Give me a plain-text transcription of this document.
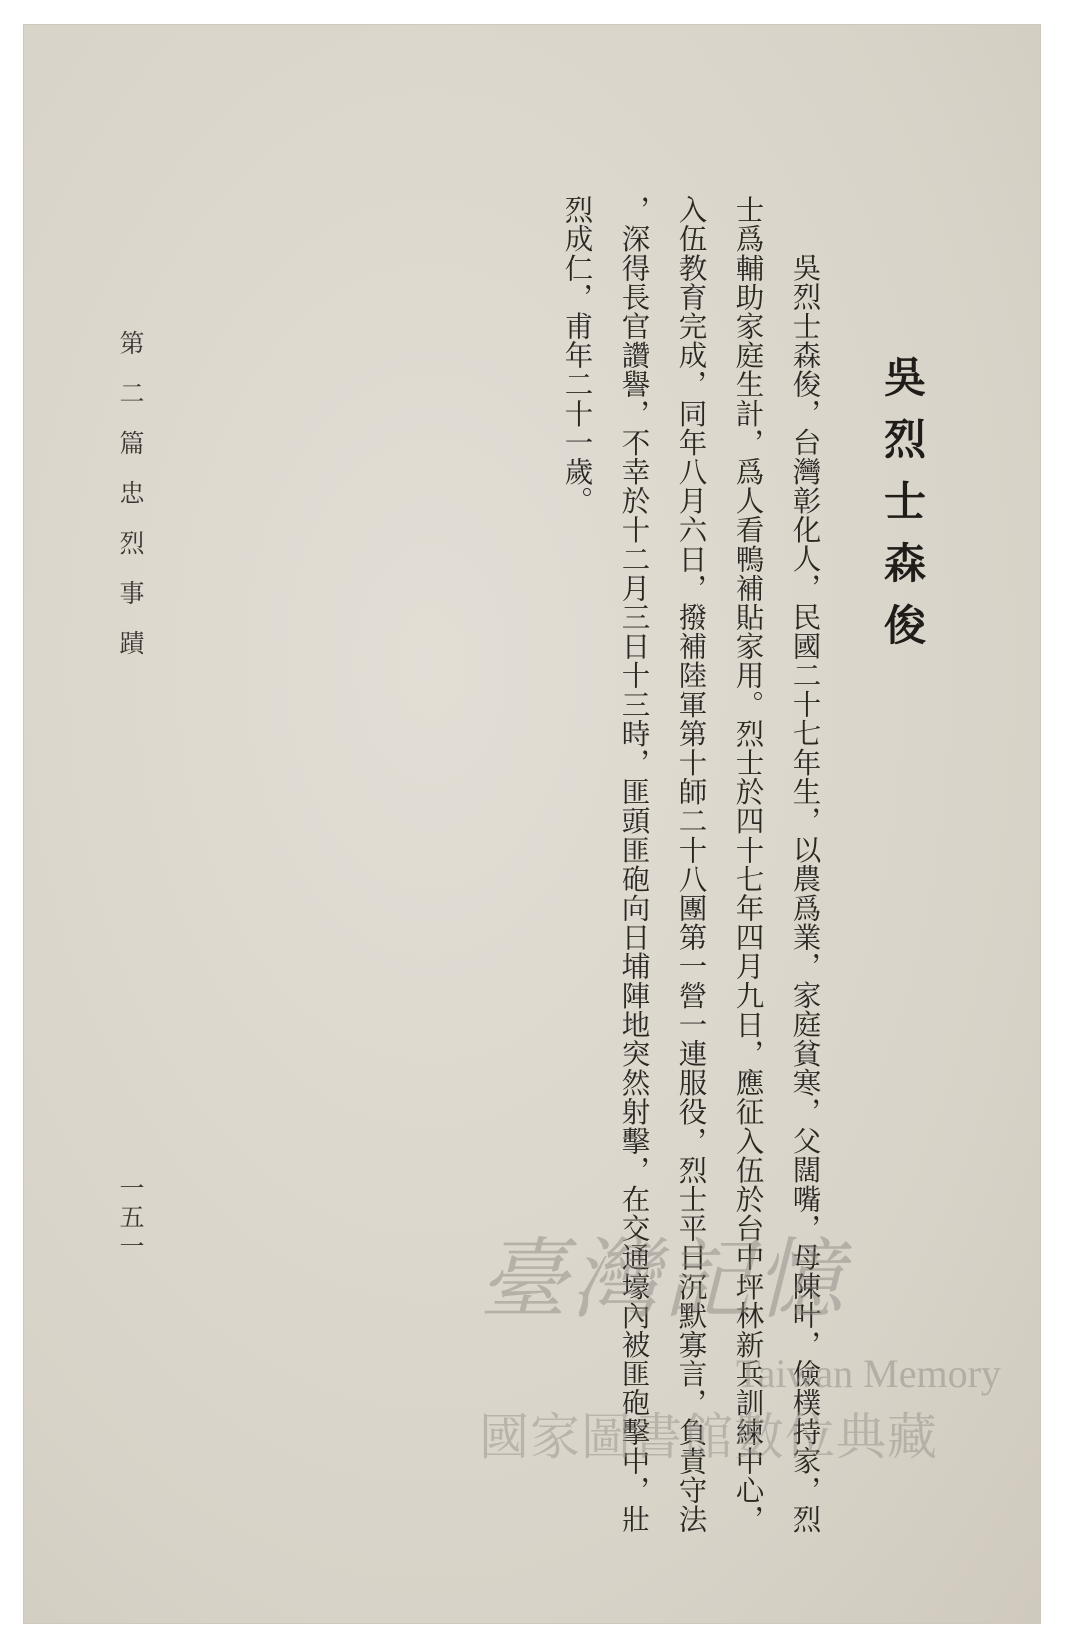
吳烈士森俊
吳烈士森俊，台灣彰化人，民國二十七年生，以農爲業，家庭貧寒，父闊嘴，母陳叶，儉樸持家，烈
士爲輔助家庭生計，爲人看鴨補貼家用。烈士於四十七年四月九日，應征入伍於台中坪林新兵訓練中心，
入伍教育完成，同年八月六日，撥補陸軍第十師二十八團第一營一連服役，烈士平日沉默寡言，負責守法
，深得長官讚譽，不幸於十二月三日十三時，匪頭匪砲向日埔陣地突然射擊，在交通壕內被匪砲擊中，壯
烈成仁，甫年二十一歲。
第二篇忠烈事蹟
一五一
臺灣記憶
Taiwan Memory
國家圖書館數位典藏
